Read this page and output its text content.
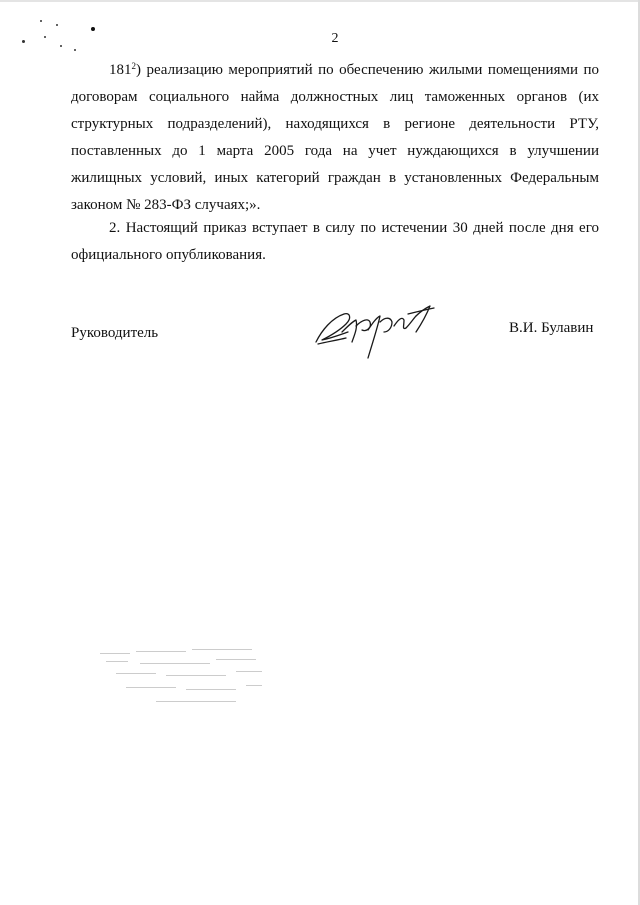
2
$181^2$) реализацию мероприятий по обеспечению жилыми помещениями по договорам социального найма должностных лиц таможенных органов (их структурных подразделений), находящихся в регионе деятельности РТУ, поставленных до 1 марта 2005 года на учет нуждающихся в улучшении жилищных условий, иных категорий граждан в установленных Федеральным законом № 283-ФЗ случаях;».
2. Настоящий приказ вступает в силу по истечении 30 дней после дня его официального опубликования.
Руководитель	В.И. Булавин
